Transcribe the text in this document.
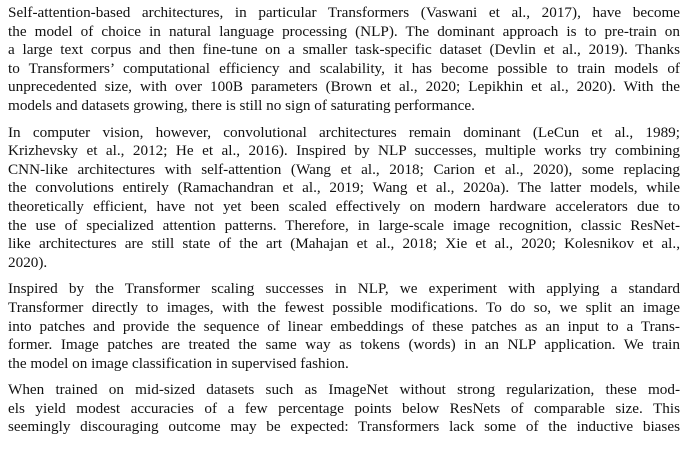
Self-attention-based architectures, in particular Transformers (Vaswani et al., 2017), have become
the model of choice in natural language processing (NLP). The dominant approach is to pre-train on
a large text corpus and then fine-tune on a smaller task-specific dataset (Devlin et al., 2019). Thanks
to Transformers’ computational efficiency and scalability, it has become possible to train models of
unprecedented size, with over 100B parameters (Brown et al., 2020; Lepikhin et al., 2020). With the
models and datasets growing, there is still no sign of saturating performance.
In computer vision, however, convolutional architectures remain dominant (LeCun et al., 1989;
Krizhevsky et al., 2012; He et al., 2016). Inspired by NLP successes, multiple works try combining
CNN-like architectures with self-attention (Wang et al., 2018; Carion et al., 2020), some replacing
the convolutions entirely (Ramachandran et al., 2019; Wang et al., 2020a). The latter models, while
theoretically efficient, have not yet been scaled effectively on modern hardware accelerators due to
the use of specialized attention patterns. Therefore, in large-scale image recognition, classic ResNet-
like architectures are still state of the art (Mahajan et al., 2018; Xie et al., 2020; Kolesnikov et al.,
2020).
Inspired by the Transformer scaling successes in NLP, we experiment with applying a standard
Transformer directly to images, with the fewest possible modifications. To do so, we split an image
into patches and provide the sequence of linear embeddings of these patches as an input to a Trans-
former. Image patches are treated the same way as tokens (words) in an NLP application. We train
the model on image classification in supervised fashion.
When trained on mid-sized datasets such as ImageNet without strong regularization, these mod-
els yield modest accuracies of a few percentage points below ResNets of comparable size. This
seemingly discouraging outcome may be expected: Transformers lack some of the inductive biases
